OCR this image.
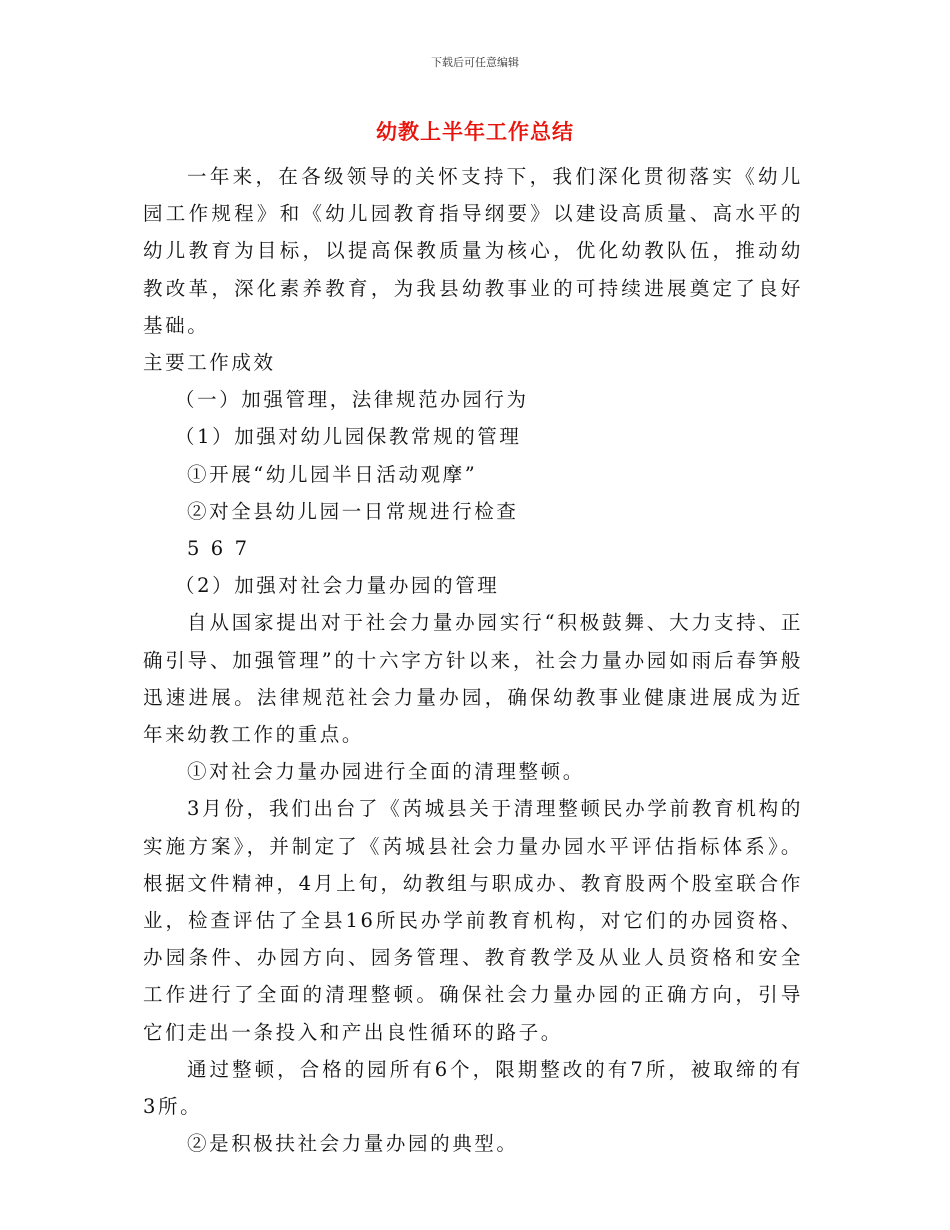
下载后可任意编辑
幼教上半年工作总结

一年来，在各级领导的关怀支持下，我们深化贯彻落实《幼儿园工作规程》和《幼儿园教育指导纲要》以建设高质量、高水平的幼儿教育为目标，以提高保教质量为核心，优化幼教队伍，推动幼教改革，深化素养教育，为我县幼教事业的可持续进展奠定了良好基础。

主要工作成效

（一）加强管理，法律规范办园行为

（1）加强对幼儿园保教常规的管理

①开展“幼儿园半日活动观摩”

②对全县幼儿园一日常规进行检查

5 6 7

（2）加强对社会力量办园的管理

自从国家提出对于社会力量办园实行“积极鼓舞、大力支持、正确引导、加强管理”的十六字方针以来，社会力量办园如雨后春笋般迅速进展。法律规范社会力量办园，确保幼教事业健康进展成为近年来幼教工作的重点。

①对社会力量办园进行全面的清理整顿。

3月份，我们出台了《芮城县关于清理整顿民办学前教育机构的实施方案》，并制定了《芮城县社会力量办园水平评估指标体系》。根据文件精神，4月上旬，幼教组与职成办、教育股两个股室联合作业，检查评估了全县16所民办学前教育机构，对它们的办园资格、办园条件、办园方向、园务管理、教育教学及从业人员资格和安全工作进行了全面的清理整顿。确保社会力量办园的正确方向，引导它们走出一条投入和产出良性循环的路子。

通过整顿，合格的园所有6个，限期整改的有7所，被取缔的有3所。

②是积极扶社会力量办园的典型。
